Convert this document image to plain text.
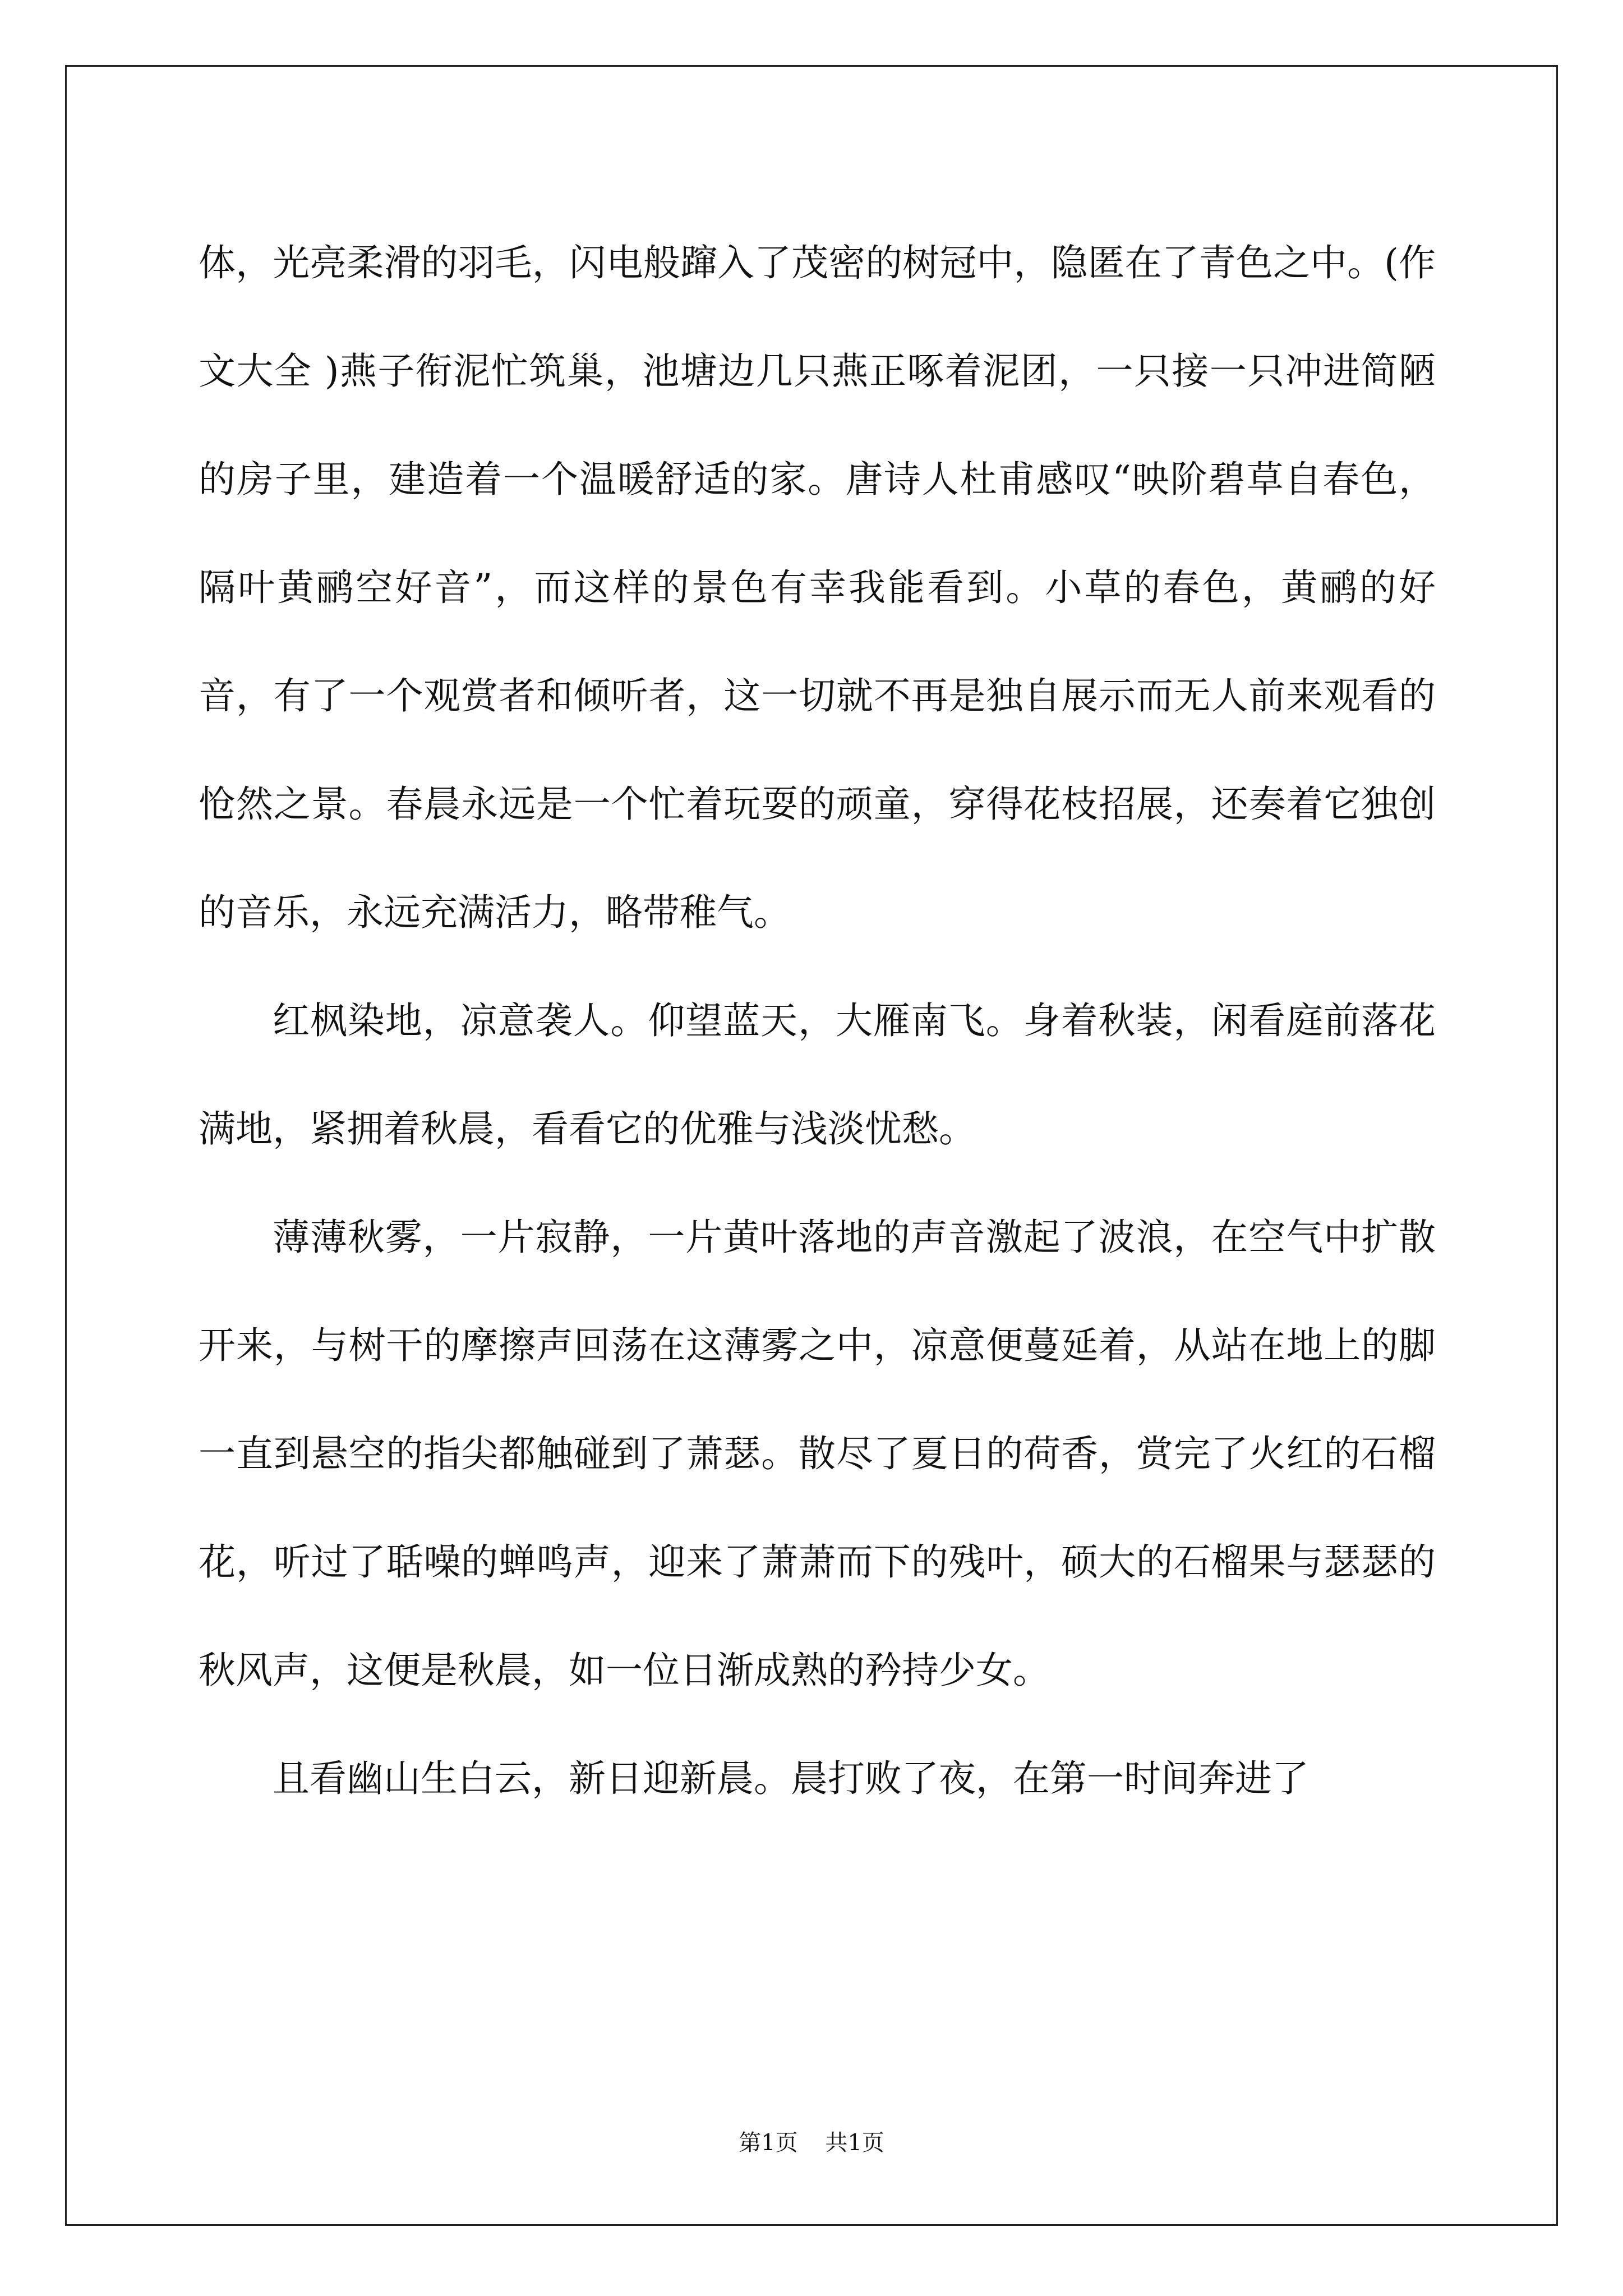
体，光亮柔滑的羽毛，闪电般蹿入了茂密的树冠中，隐匿在了青色之中。(作文大全 )燕子衔泥忙筑巢，池塘边几只燕正啄着泥团，一只接一只冲进简陋的房子里，建造着一个温暖舒适的家。唐诗人杜甫感叹“映阶碧草自春色，隔叶黄鹂空好音”，而这样的景色有幸我能看到。小草的春色，黄鹂的好音，有了一个观赏者和倾听者，这一切就不再是独自展示而无人前来观看的怆然之景。春晨永远是一个忙着玩耍的顽童，穿得花枝招展，还奏着它独创的音乐，永远充满活力，略带稚气。

红枫染地，凉意袭人。仰望蓝天，大雁南飞。身着秋装，闲看庭前落花满地，紧拥着秋晨，看看它的优雅与浅淡忧愁。

薄薄秋雾，一片寂静，一片黄叶落地的声音激起了波浪，在空气中扩散开来，与树干的摩擦声回荡在这薄雾之中，凉意便蔓延着，从站在地上的脚一直到悬空的指尖都触碰到了萧瑟。散尽了夏日的荷香，赏完了火红的石榴花，听过了聒噪的蝉鸣声，迎来了萧萧而下的残叶，硕大的石榴果与瑟瑟的秋风声，这便是秋晨，如一位日渐成熟的矜持少女。

且看幽山生白云，新日迎新晨。晨打败了夜，在第一时间奔进了

第1页 共1页
